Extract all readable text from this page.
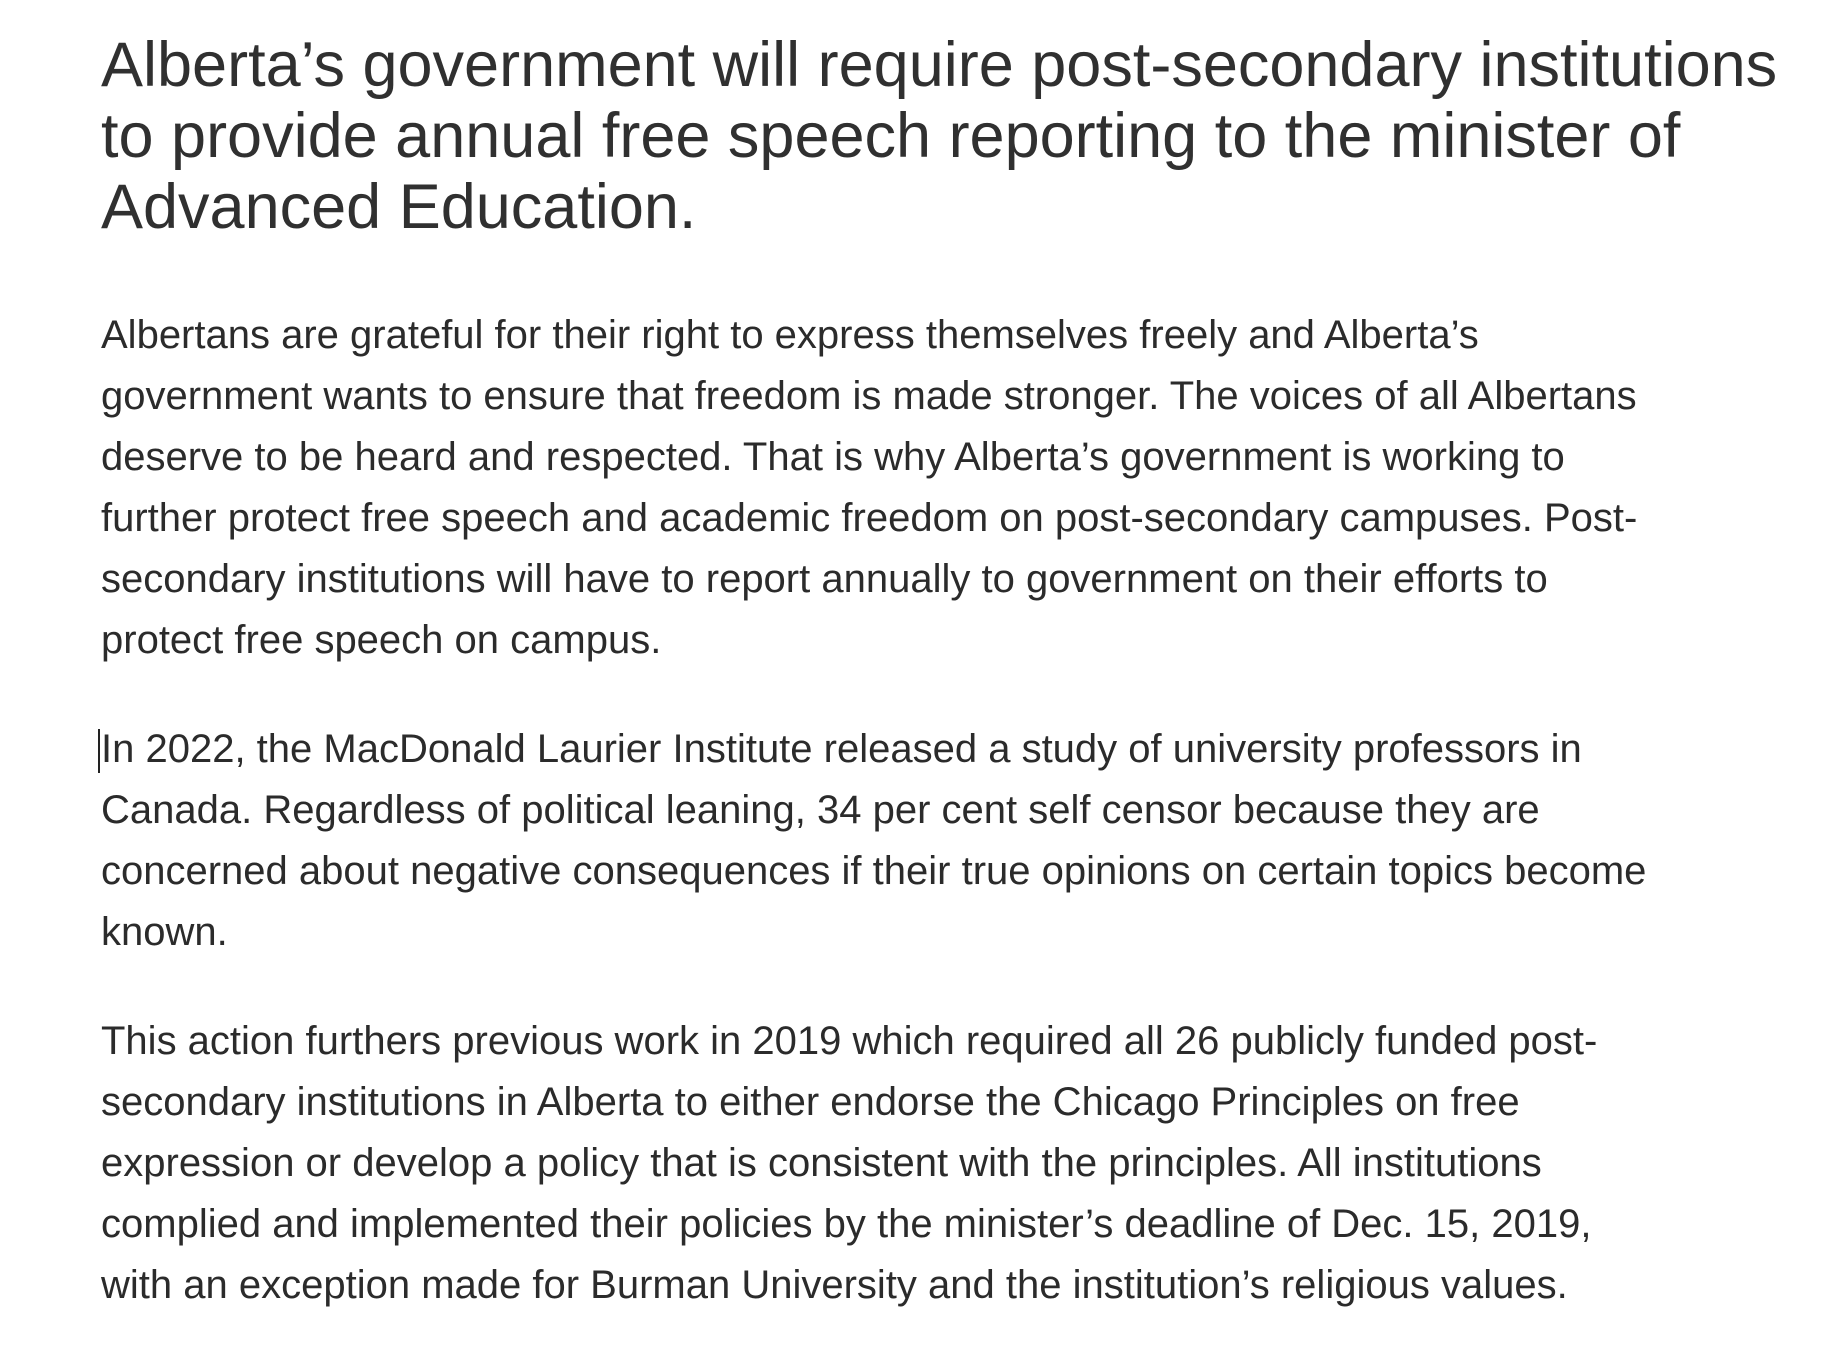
Alberta’s government will require post-secondary institutions
to provide annual free speech reporting to the minister of
Advanced Education.

Albertans are grateful for their right to express themselves freely and Alberta’s
government wants to ensure that freedom is made stronger. The voices of all Albertans
deserve to be heard and respected. That is why Alberta’s government is working to
further protect free speech and academic freedom on post-secondary campuses. Post-
secondary institutions will have to report annually to government on their efforts to
protect free speech on campus.

In 2022, the MacDonald Laurier Institute released a study of university professors in
Canada. Regardless of political leaning, 34 per cent self censor because they are
concerned about negative consequences if their true opinions on certain topics become
known.

This action furthers previous work in 2019 which required all 26 publicly funded post-
secondary institutions in Alberta to either endorse the Chicago Principles on free
expression or develop a policy that is consistent with the principles. All institutions
complied and implemented their policies by the minister’s deadline of Dec. 15, 2019,
with an exception made for Burman University and the institution’s religious values.
